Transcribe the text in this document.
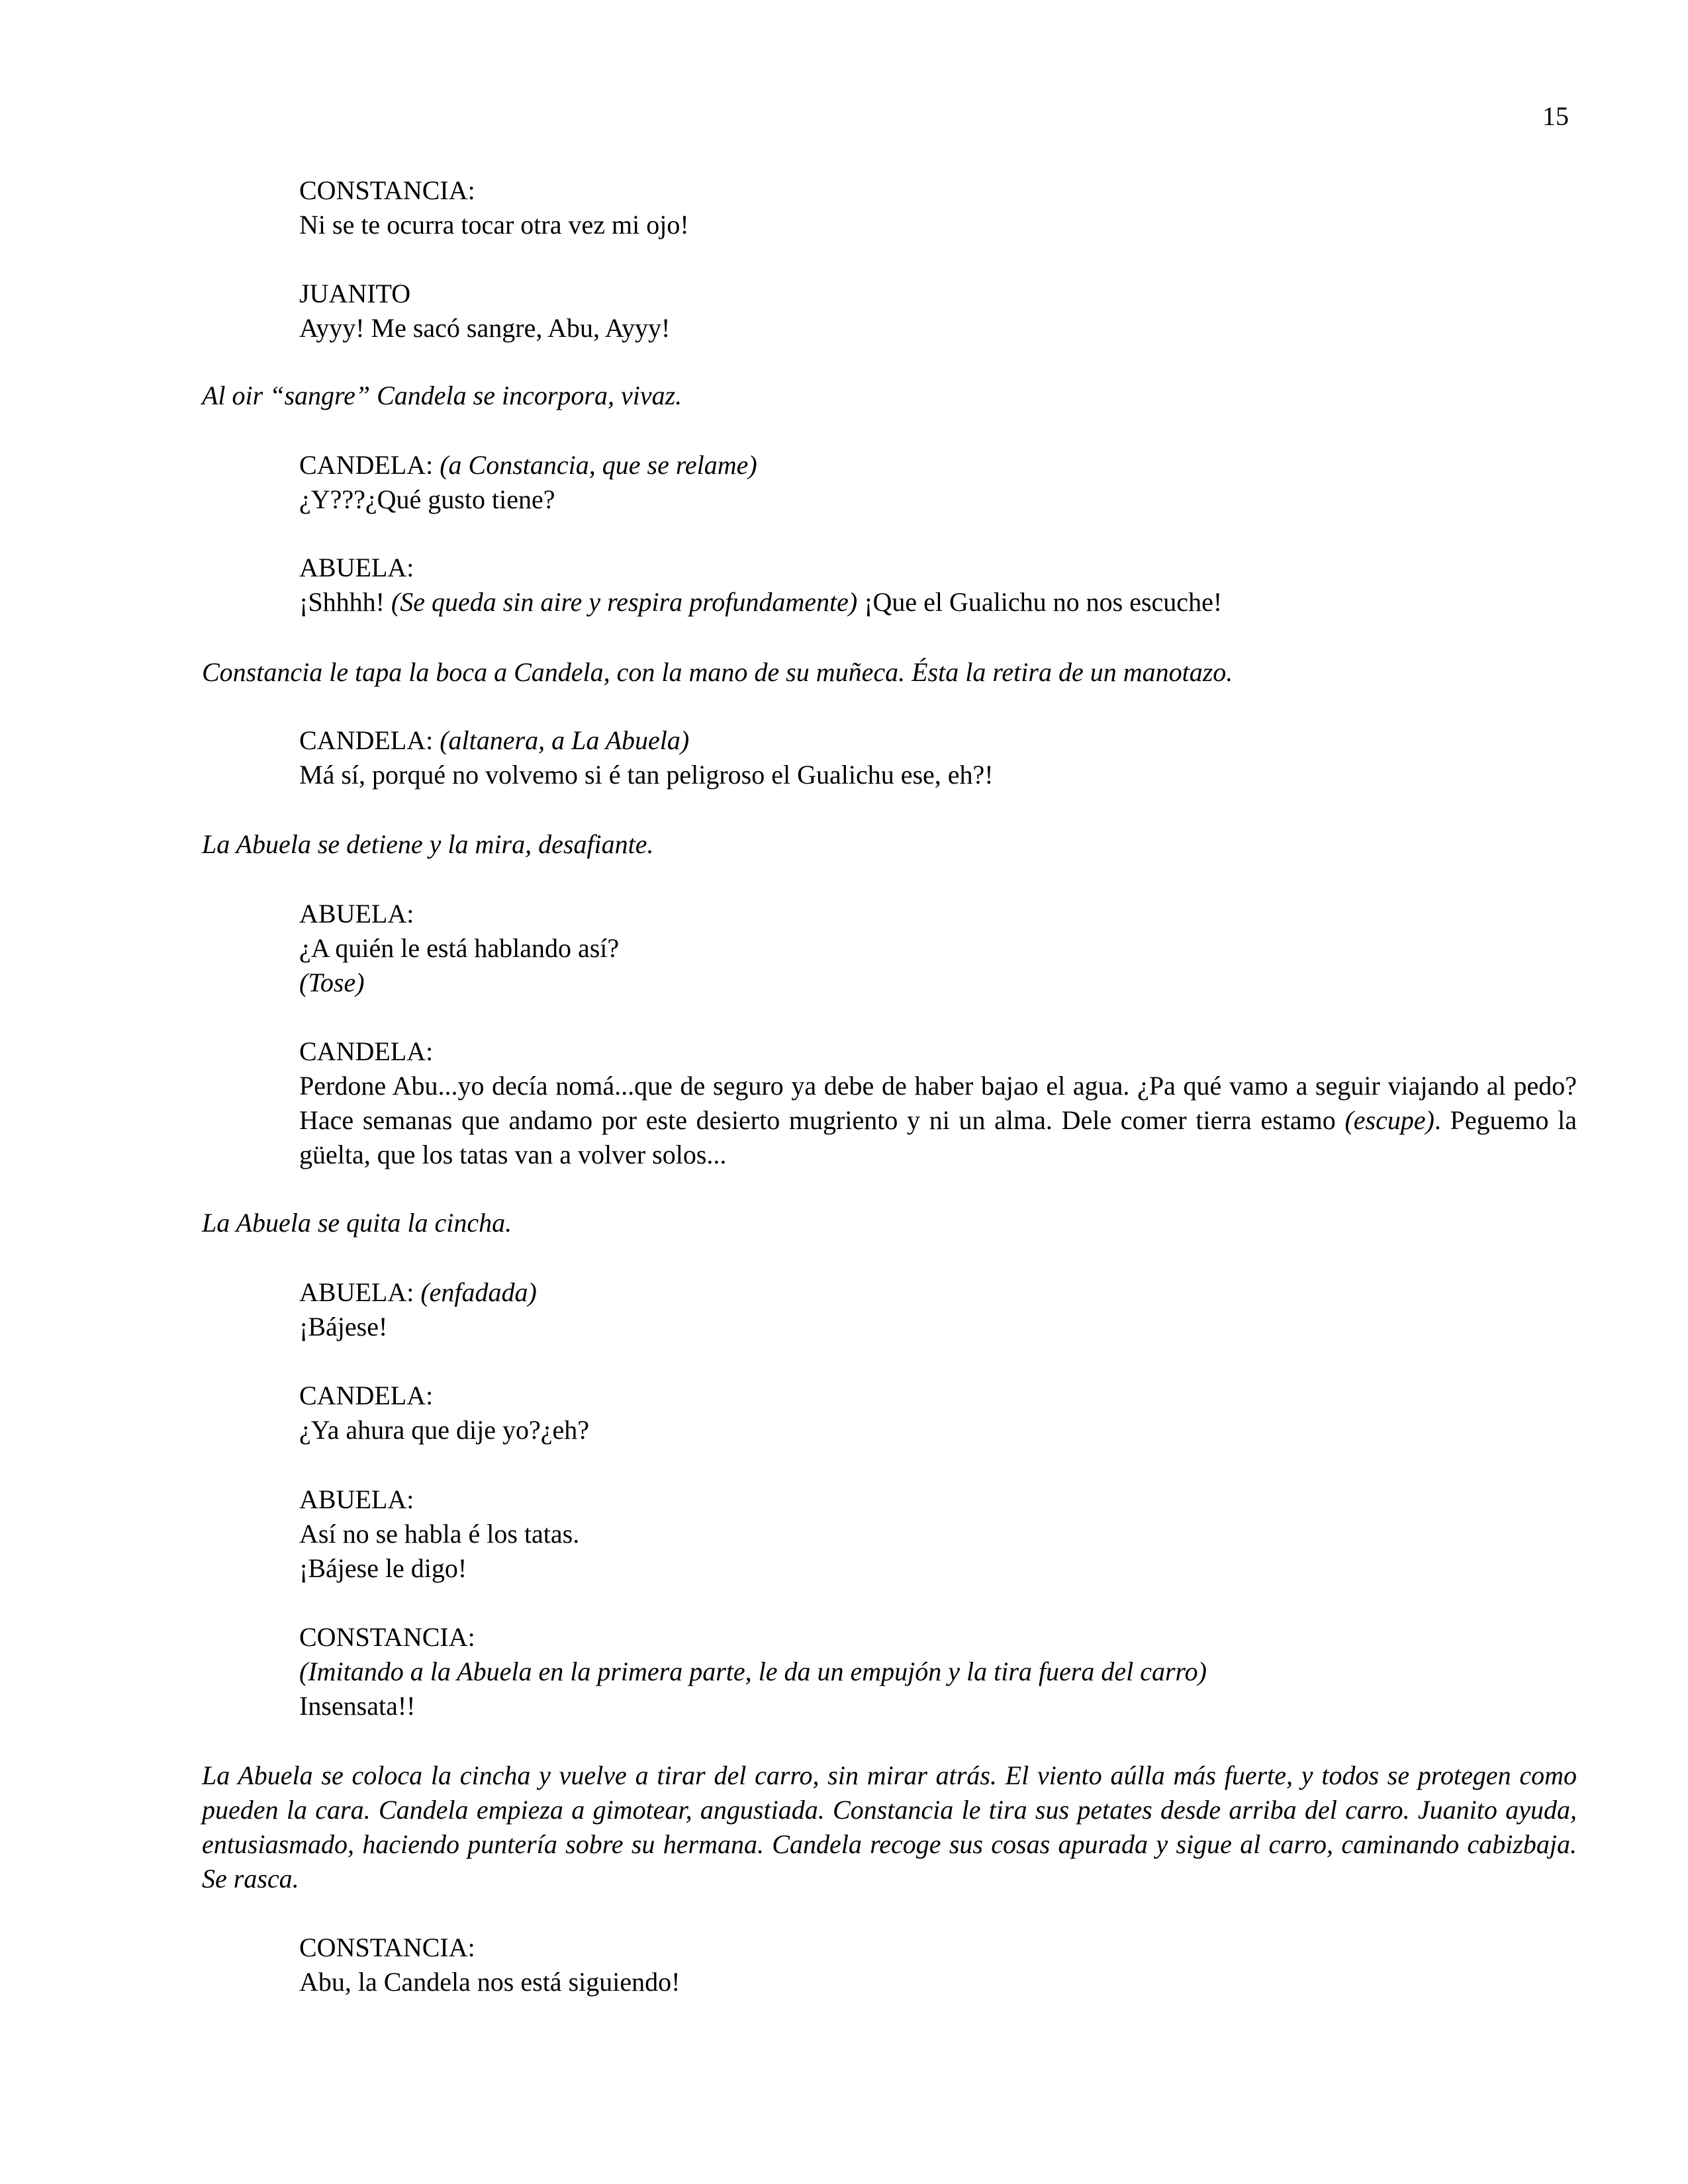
15

CONSTANCIA:
Ni se te ocurra tocar otra vez mi ojo!
JUANITO
Ayyy! Me sacó sangre, Abu, Ayyy!
Al oir “sangre” Candela se incorpora, vivaz.
CANDELA: (a Constancia, que se relame)
¿Y???¿Qué gusto tiene?
ABUELA:
¡Shhhh! (Se queda sin aire y respira profundamente) ¡Que el Gualichu no nos escuche!
Constancia le tapa la boca a Candela, con la mano de su muñeca. Ésta la retira de un manotazo.
CANDELA: (altanera, a La Abuela)
Má sí, porqué no volvemo si é tan peligroso el Gualichu ese, eh?!
La Abuela se detiene y la mira, desafiante.
ABUELA:
¿A quién le está hablando así?
(Tose)
CANDELA:
Perdone Abu...yo decía nomá...que de seguro ya debe de haber bajao el agua. ¿Pa qué vamo a seguir viajando al pedo? Hace semanas que andamo por este desierto mugriento y ni un alma. Dele comer tierra estamo (escupe). Peguemo la güelta, que los tatas van a volver solos...
La Abuela se quita la cincha.
ABUELA: (enfadada)
¡Bájese!
CANDELA:
¿Ya ahura que dije yo?¿eh?
ABUELA:
Así no se habla é los tatas.
¡Bájese le digo!
CONSTANCIA:
(Imitando a la Abuela en la primera parte, le da un empujón y la tira fuera del carro)
Insensata!!
La Abuela se coloca la cincha y vuelve a tirar del carro, sin mirar atrás. El viento aúlla más fuerte, y todos se protegen como pueden la cara. Candela empieza a gimotear, angustiada. Constancia le tira sus petates desde arriba del carro. Juanito ayuda, entusiasmado, haciendo puntería sobre su hermana. Candela recoge sus cosas apurada y sigue al carro, caminando cabizbaja. Se rasca.
CONSTANCIA:
Abu, la Candela nos está siguiendo!
